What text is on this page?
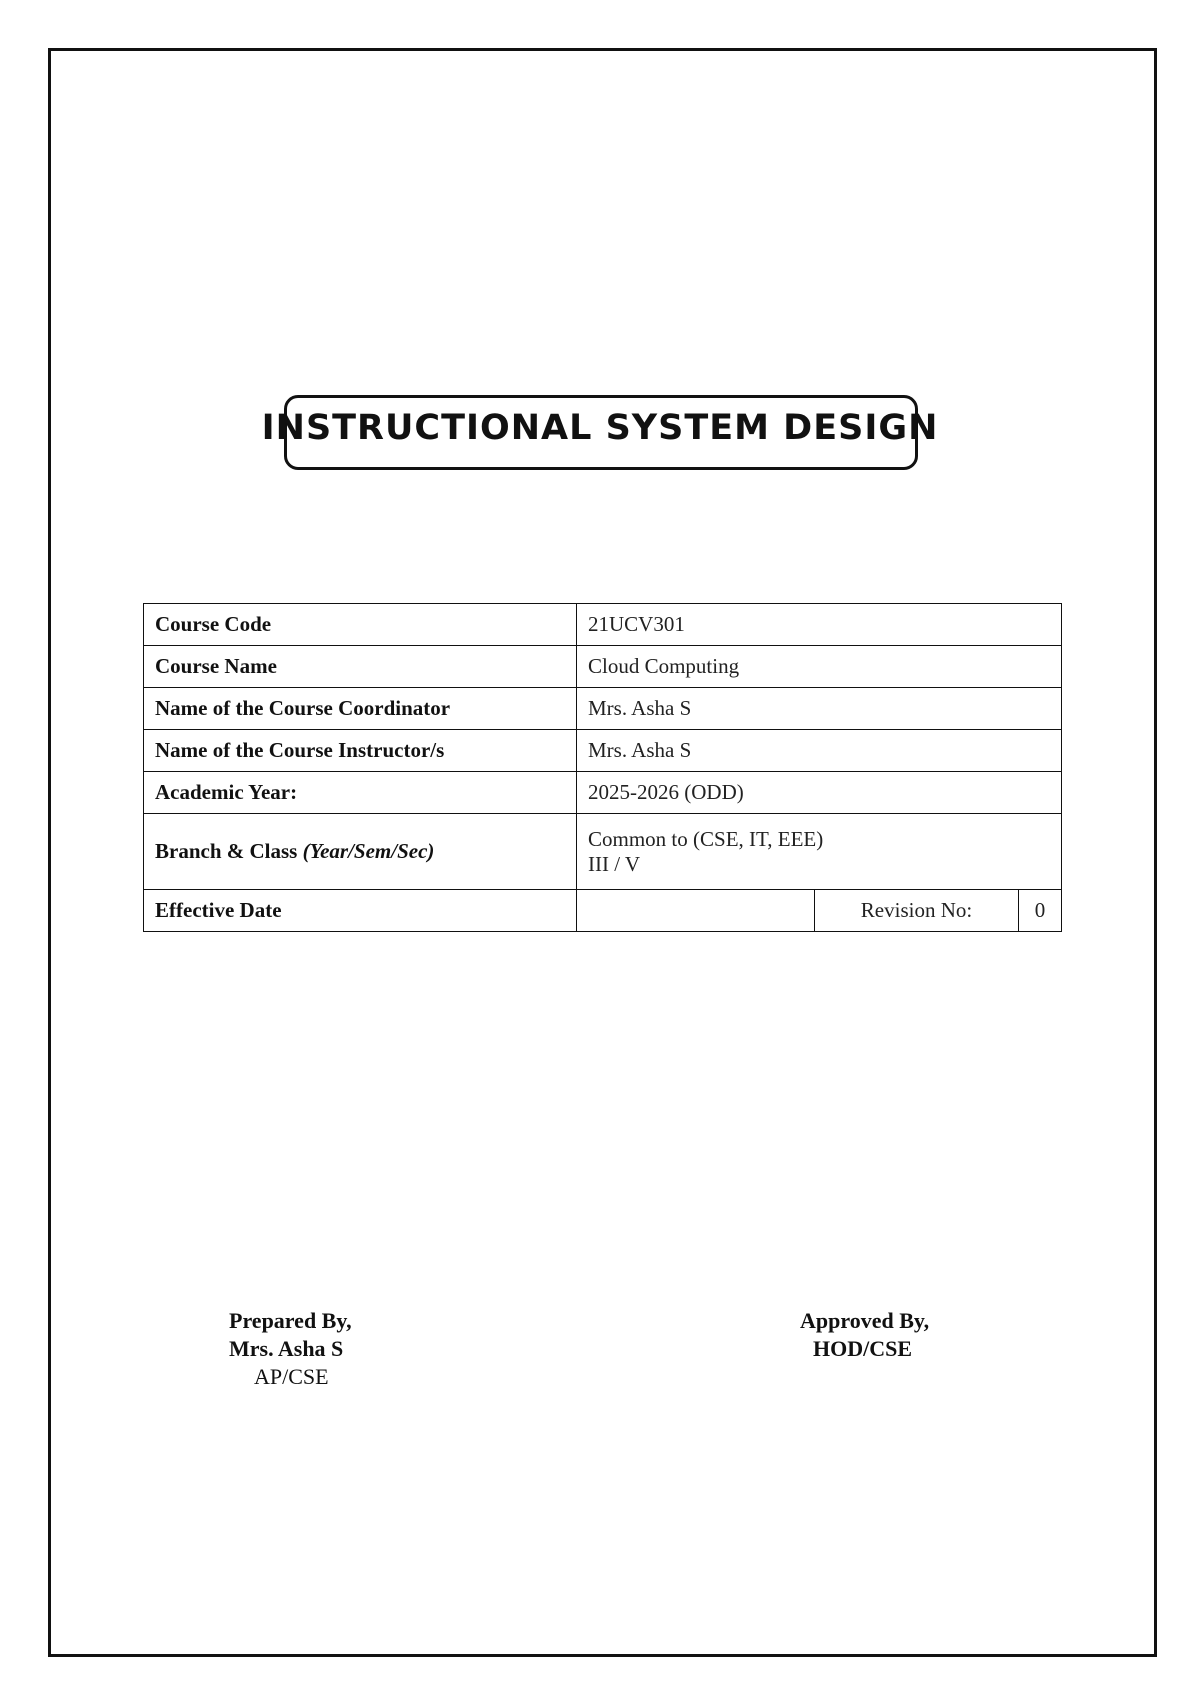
INSTRUCTIONAL SYSTEM DESIGN
Course Code	21UCV301		
Course Name	Cloud Computing		
Name of the Course Coordinator	Mrs. Asha S		
Name of the Course Instructor/s	Mrs. Asha S		
Academic Year:	2025-2026 (ODD)		
Branch & Class (Year/Sem/Sec)	Common to (CSE, IT, EEE)
III / V		

Effective Date		Revision No:	0
Prepared By,
Mrs. Asha S
AP/CSE
Approved By,
HOD/CSE
